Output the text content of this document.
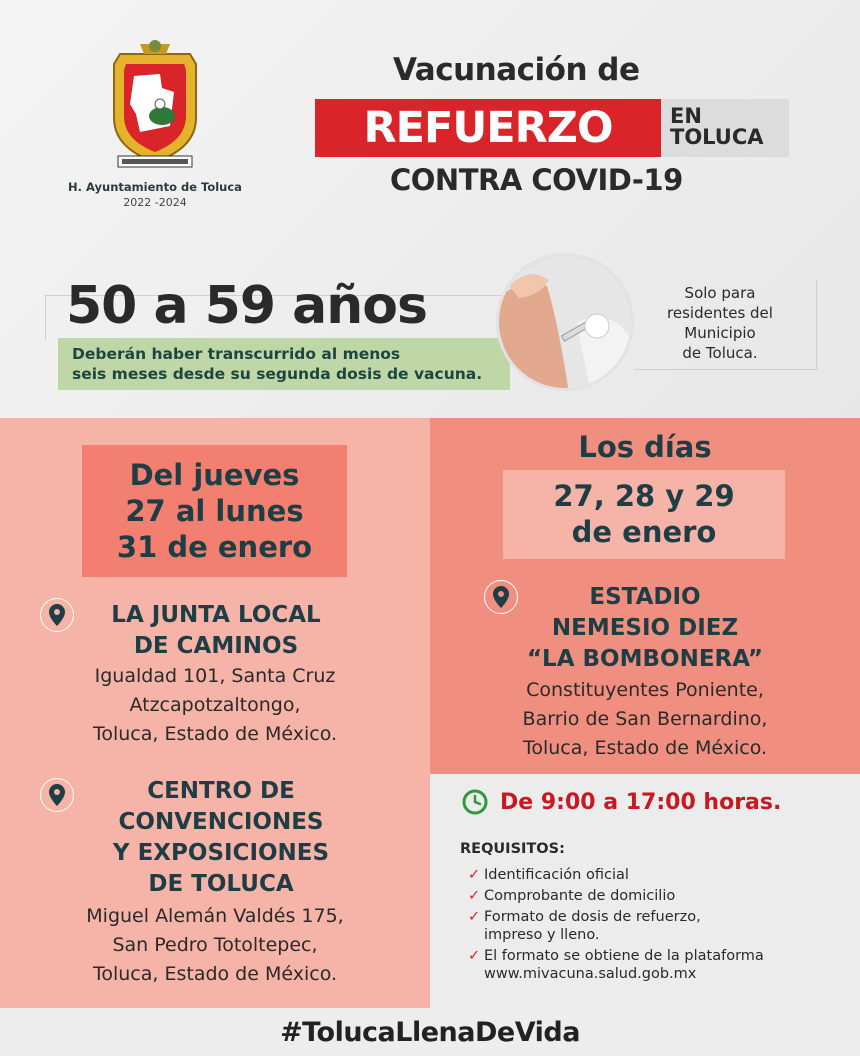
H. Ayuntamiento de Toluca
2022 -2024
Vacunación de
REFUERZO	EN
TOLUCA
CONTRA COVID-19
50 a 59 años
Deberán haber transcurrido al menos
seis meses desde su segunda dosis de vacuna.
Solo para
residentes del
Municipio
de Toluca.
Del jueves
27 al lunes
31 de enero
LA JUNTA LOCAL
DE CAMINOS
Igualdad 101, Santa Cruz
Atzcapotzaltongo,
Toluca, Estado de México.
CENTRO DE
CONVENCIONES
Y EXPOSICIONES
DE TOLUCA
Miguel Alemán Valdés 175,
San Pedro Totoltepec,
Toluca, Estado de México.
Los días
27, 28 y 29
de enero
ESTADIO
NEMESIO DIEZ
“LA BOMBONERA”
Constituyentes Poniente,
Barrio de San Bernardino,
Toluca, Estado de México.
De 9:00 a 17:00 horas.
REQUISITOS:
✓ Identificación oficial
✓ Comprobante de domicilio
✓ Formato de dosis de refuerzo,
impreso y lleno.
✓ El formato se obtiene de la plataforma
www.mivacuna.salud.gob.mx
#TolucaLlenaDeVida
